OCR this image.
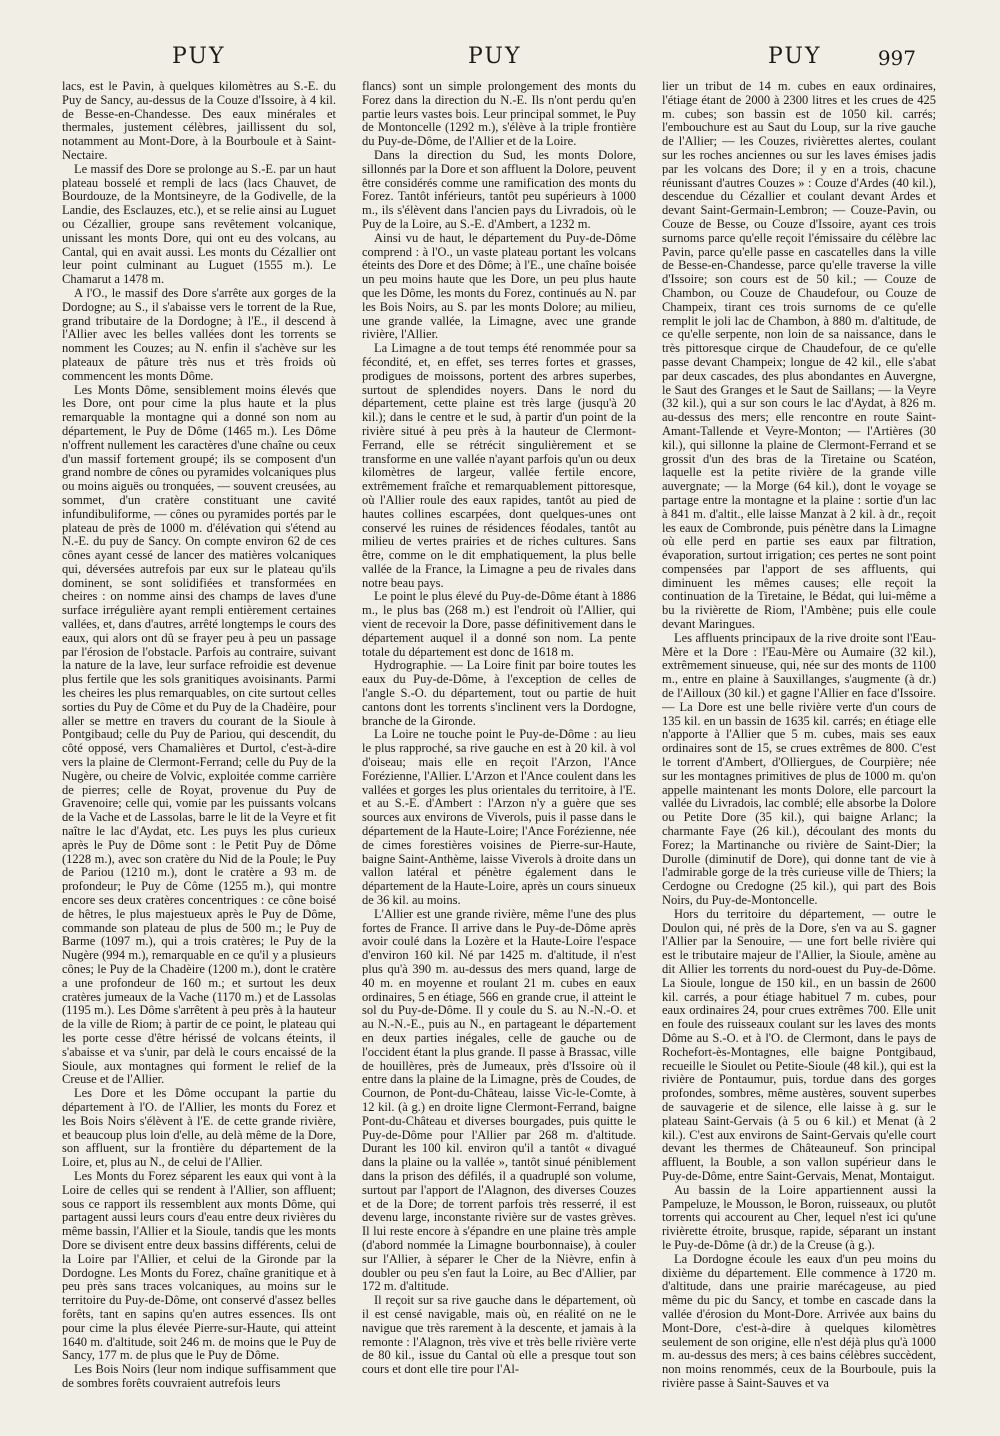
PUY	PUY	PUY	997

lacs, est le Pavin, à quelques kilomètres au S.-E. du Puy de Sancy, au-dessus de la Couze d'Issoire, à 4 kil. de Besse-en-Chandesse. Des eaux minérales et thermales, justement célèbres, jaillissent du sol, notamment au Mont-Dore, à la Bourboule et à Saint-Nectaire.

Le massif des Dore se prolonge au S.-E. par un haut plateau bosselé et rempli de lacs (lacs Chauvet, de Bourdouze, de la Montsineyre, de la Godivelle, de la Landie, des Esclauzes, etc.), et se relie ainsi au Luguet ou Cézallier, groupe sans revêtement volcanique, unissant les monts Dore, qui ont eu des volcans, au Cantal, qui en avait aussi. Les monts du Cézallier ont leur point culminant au Luguet (1555 m.). Le Chamarut a 1478 m.

A l'O., le massif des Dore s'arrête aux gorges de la Dordogne; au S., il s'abaisse vers le torrent de la Rue, grand tributaire de la Dordogne; à l'E., il descend à l'Allier avec les belles vallées dont les torrents se nomment les Couzes; au N. enfin il s'achève sur les plateaux de pâture très nus et très froids où commencent les monts Dôme.

Les Monts Dôme, sensiblement moins élevés que les Dore, ont pour cime la plus haute et la plus remarquable la montagne qui a donné son nom au département, le Puy de Dôme (1465 m.). Les Dôme n'offrent nullement les caractères d'une chaîne ou ceux d'un massif fortement groupé; ils se composent d'un grand nombre de cônes ou pyramides volcaniques plus ou moins aiguës ou tronquées, — souvent creusées, au sommet, d'un cratère constituant une cavité infundibuliforme, — cônes ou pyramides portés par le plateau de près de 1000 m. d'élévation qui s'étend au N.-E. du puy de Sancy. On compte environ 62 de ces cônes ayant cessé de lancer des matières volcaniques qui, déversées autrefois par eux sur le plateau qu'ils dominent, se sont solidifiées et transformées en cheires : on nomme ainsi des champs de laves d'une surface irrégulière ayant rempli entièrement certaines vallées, et, dans d'autres, arrêté longtemps le cours des eaux, qui alors ont dû se frayer peu à peu un passage par l'érosion de l'obstacle. Parfois au contraire, suivant la nature de la lave, leur surface refroidie est devenue plus fertile que les sols granitiques avoisinants. Parmi les cheires les plus remarquables, on cite surtout celles sorties du Puy de Côme et du Puy de la Chadèire, pour aller se mettre en travers du courant de la Sioule à Pontgibaud; celle du Puy de Pariou, qui descendit, du côté opposé, vers Chamalières et Durtol, c'est-à-dire vers la plaine de Clermont-Ferrand; celle du Puy de la Nugère, ou cheire de Volvic, exploitée comme carrière de pierres; celle de Royat, provenue du Puy de Gravenoire; celle qui, vomie par les puissants volcans de la Vache et de Lassolas, barre le lit de la Veyre et fit naître le lac d'Aydat, etc. Les puys les plus curieux après le Puy de Dôme sont : le Petit Puy de Dôme (1228 m.), avec son cratère du Nid de la Poule; le Puy de Pariou (1210 m.), dont le cratère a 93 m. de profondeur; le Puy de Côme (1255 m.), qui montre encore ses deux cratères concentriques : ce cône boisé de hêtres, le plus majestueux après le Puy de Dôme, commande son plateau de plus de 500 m.; le Puy de Barme (1097 m.), qui a trois cratères; le Puy de la Nugère (994 m.), remarquable en ce qu'il y a plusieurs cônes; le Puy de la Chadèire (1200 m.), dont le cratère a une profondeur de 160 m.; et surtout les deux cratères jumeaux de la Vache (1170 m.) et de Lassolas (1195 m.). Les Dôme s'arrêtent à peu près à la hauteur de la ville de Riom; à partir de ce point, le plateau qui les porte cesse d'être hérissé de volcans éteints, il s'abaisse et va s'unir, par delà le cours encaissé de la Sioule, aux montagnes qui forment le relief de la Creuse et de l'Allier.

Les Dore et les Dôme occupant la partie du département à l'O. de l'Allier, les monts du Forez et les Bois Noirs s'élèvent à l'E. de cette grande rivière, et beaucoup plus loin d'elle, au delà même de la Dore, son affluent, sur la frontière du département de la Loire, et, plus au N., de celui de l'Allier.

Les Monts du Forez séparent les eaux qui vont à la Loire de celles qui se rendent à l'Allier, son affluent; sous ce rapport ils ressemblent aux monts Dôme, qui partagent aussi leurs cours d'eau entre deux rivières du même bassin, l'Allier et la Sioule, tandis que les monts Dore se divisent entre deux bassins différents, celui de la Loire par l'Allier, et celui de la Gironde par la Dordogne. Les Monts du Forez, chaîne granitique et à peu près sans traces volcaniques, au moins sur le territoire du Puy-de-Dôme, ont conservé d'assez belles forêts, tant en sapins qu'en autres essences. Ils ont pour cime la plus élevée Pierre-sur-Haute, qui atteint 1640 m. d'altitude, soit 246 m. de moins que le Puy de Sancy, 177 m. de plus que le Puy de Dôme.

Les Bois Noirs (leur nom indique suffisamment que de sombres forêts couvraient autrefois leurs

flancs) sont un simple prolongement des monts du Forez dans la direction du N.-E. Ils n'ont perdu qu'en partie leurs vastes bois. Leur principal sommet, le Puy de Montoncelle (1292 m.), s'élève à la triple frontière du Puy-de-Dôme, de l'Allier et de la Loire.

Dans la direction du Sud, les monts Dolore, sillonnés par la Dore et son affluent la Dolore, peuvent être considérés comme une ramification des monts du Forez. Tantôt inférieurs, tantôt peu supérieurs à 1000 m., ils s'élèvent dans l'ancien pays du Livradois, où le Puy de la Loire, au S.-E. d'Ambert, a 1232 m.

Ainsi vu de haut, le département du Puy-de-Dôme comprend : à l'O., un vaste plateau portant les volcans éteints des Dore et des Dôme; à l'E., une chaîne boisée un peu moins haute que les Dore, un peu plus haute que les Dôme, les monts du Forez, continués au N. par les Bois Noirs, au S. par les monts Dolore; au milieu, une grande vallée, la Limagne, avec une grande rivière, l'Allier.

La Limagne a de tout temps été renommée pour sa fécondité, et, en effet, ses terres fortes et grasses, prodigues de moissons, portent des arbres superbes, surtout de splendides noyers. Dans le nord du département, cette plaine est très large (jusqu'à 20 kil.); dans le centre et le sud, à partir d'un point de la rivière situé à peu près à la hauteur de Clermont-Ferrand, elle se rétrécit singulièrement et se transforme en une vallée n'ayant parfois qu'un ou deux kilomètres de largeur, vallée fertile encore, extrêmement fraîche et remarquablement pittoresque, où l'Allier roule des eaux rapides, tantôt au pied de hautes collines escarpées, dont quelques-unes ont conservé les ruines de résidences féodales, tantôt au milieu de vertes prairies et de riches cultures. Sans être, comme on le dit emphatiquement, la plus belle vallée de la France, la Limagne a peu de rivales dans notre beau pays.

Le point le plus élevé du Puy-de-Dôme étant à 1886 m., le plus bas (268 m.) est l'endroit où l'Allier, qui vient de recevoir la Dore, passe définitivement dans le département auquel il a donné son nom. La pente totale du département est donc de 1618 m.

Hydrographie. — La Loire finit par boire toutes les eaux du Puy-de-Dôme, à l'exception de celles de l'angle S.-O. du département, tout ou partie de huit cantons dont les torrents s'inclinent vers la Dordogne, branche de la Gironde.

La Loire ne touche point le Puy-de-Dôme : au lieu le plus rapproché, sa rive gauche en est à 20 kil. à vol d'oiseau; mais elle en reçoit l'Arzon, l'Ance Forézienne, l'Allier. L'Arzon et l'Ance coulent dans les vallées et gorges les plus orientales du territoire, à l'E. et au S.-E. d'Ambert : l'Arzon n'y a guère que ses sources aux environs de Viverols, puis il passe dans le département de la Haute-Loire; l'Ance Forézienne, née de cimes forestières voisines de Pierre-sur-Haute, baigne Saint-Anthème, laisse Viverols à droite dans un vallon latéral et pénètre également dans le département de la Haute-Loire, après un cours sinueux de 36 kil. au moins.

L'Allier est une grande rivière, même l'une des plus fortes de France. Il arrive dans le Puy-de-Dôme après avoir coulé dans la Lozère et la Haute-Loire l'espace d'environ 160 kil. Né par 1425 m. d'altitude, il n'est plus qu'à 390 m. au-dessus des mers quand, large de 40 m. en moyenne et roulant 21 m. cubes en eaux ordinaires, 5 en étiage, 566 en grande crue, il atteint le sol du Puy-de-Dôme. Il y coule du S. au N.-N.-O. et au N.-N.-E., puis au N., en partageant le département en deux parties inégales, celle de gauche ou de l'occident étant la plus grande. Il passe à Brassac, ville de houillères, près de Jumeaux, près d'Issoire où il entre dans la plaine de la Limagne, près de Coudes, de Cournon, de Pont-du-Château, laisse Vic-le-Comte, à 12 kil. (à g.) en droite ligne Clermont-Ferrand, baigne Pont-du-Château et diverses bourgades, puis quitte le Puy-de-Dôme pour l'Allier par 268 m. d'altitude. Durant les 100 kil. environ qu'il a tantôt « divagué dans la plaine ou la vallée », tantôt sinué péniblement dans la prison des défilés, il a quadruplé son volume, surtout par l'apport de l'Alagnon, des diverses Couzes et de la Dore; de torrent parfois très resserré, il est devenu large, inconstante rivière sur de vastes grèves. Il lui reste encore à s'épandre en une plaine très ample (d'abord nommée la Limagne bourbonnaise), à couler sur l'Allier, à séparer le Cher de la Nièvre, enfin à doubler ou peu s'en faut la Loire, au Bec d'Allier, par 172 m. d'altitude.

Il reçoit sur sa rive gauche dans le département, où il est censé navigable, mais où, en réalité on ne le navigue que très rarement à la descente, et jamais à la remonte : l'Alagnon, très vive et très belle rivière verte de 80 kil., issue du Cantal où elle a presque tout son cours et dont elle tire pour l'Al-

lier un tribut de 14 m. cubes en eaux ordinaires, l'étiage étant de 2000 à 2300 litres et les crues de 425 m. cubes; son bassin est de 1050 kil. carrés; l'embouchure est au Saut du Loup, sur la rive gauche de l'Allier; — les Couzes, rivièrettes alertes, coulant sur les roches anciennes ou sur les laves émises jadis par les volcans des Dore; il y en a trois, chacune réunissant d'autres Couzes » : Couze d'Ardes (40 kil.), descendue du Cézallier et coulant devant Ardes et devant Saint-Germain-Lembron; — Couze-Pavin, ou Couze de Besse, ou Couze d'Issoire, ayant ces trois surnoms parce qu'elle reçoit l'émissaire du célèbre lac Pavin, parce qu'elle passe en cascatelles dans la ville de Besse-en-Chandesse, parce qu'elle traverse la ville d'Issoire; son cours est de 50 kil.; — Couze de Chambon, ou Couze de Chaudefour, ou Couze de Champeix, tirant ces trois surnoms de ce qu'elle remplit le joli lac de Chambon, à 880 m. d'altitude, de ce qu'elle serpente, non loin de sa naissance, dans le très pittoresque cirque de Chaudefour, de ce qu'elle passe devant Champeix; longue de 42 kil., elle s'abat par deux cascades, des plus abondantes en Auvergne, le Saut des Granges et le Saut de Saillans; — la Veyre (32 kil.), qui a sur son cours le lac d'Aydat, à 826 m. au-dessus des mers; elle rencontre en route Saint-Amant-Tallende et Veyre-Monton; — l'Artières (30 kil.), qui sillonne la plaine de Clermont-Ferrand et se grossit d'un des bras de la Tiretaine ou Scatéon, laquelle est la petite rivière de la grande ville auvergnate; — la Morge (64 kil.), dont le voyage se partage entre la montagne et la plaine : sortie d'un lac à 841 m. d'altit., elle laisse Manzat à 2 kil. à dr., reçoit les eaux de Combronde, puis pénètre dans la Limagne où elle perd en partie ses eaux par filtration, évaporation, surtout irrigation; ces pertes ne sont point compensées par l'apport de ses affluents, qui diminuent les mêmes causes; elle reçoit la continuation de la Tiretaine, le Bédat, qui lui-même a bu la rivièrette de Riom, l'Ambène; puis elle coule devant Maringues.

Les affluents principaux de la rive droite sont l'Eau-Mère et la Dore : l'Eau-Mère ou Aumaire (32 kil.), extrêmement sinueuse, qui, née sur des monts de 1100 m., entre en plaine à Sauxillanges, s'augmente (à dr.) de l'Ailloux (30 kil.) et gagne l'Allier en face d'Issoire. — La Dore est une belle rivière verte d'un cours de 135 kil. en un bassin de 1635 kil. carrés; en étiage elle n'apporte à l'Allier que 5 m. cubes, mais ses eaux ordinaires sont de 15, se crues extrêmes de 800. C'est le torrent d'Ambert, d'Olliergues, de Courpière; née sur les montagnes primitives de plus de 1000 m. qu'on appelle maintenant les monts Dolore, elle parcourt la vallée du Livradois, lac comblé; elle absorbe la Dolore ou Petite Dore (35 kil.), qui baigne Arlanc; la charmante Faye (26 kil.), découlant des monts du Forez; la Martinanche ou rivière de Saint-Dier; la Durolle (diminutif de Dore), qui donne tant de vie à l'admirable gorge de la très curieuse ville de Thiers; la Cerdogne ou Credogne (25 kil.), qui part des Bois Noirs, du Puy-de-Montoncelle.

Hors du territoire du département, — outre le Doulon qui, né près de la Dore, s'en va au S. gagner l'Allier par la Senouire, — une fort belle rivière qui est le tributaire majeur de l'Allier, la Sioule, amène au dit Allier les torrents du nord-ouest du Puy-de-Dôme. La Sioule, longue de 150 kil., en un bassin de 2600 kil. carrés, a pour étiage habituel 7 m. cubes, pour eaux ordinaires 24, pour crues extrêmes 700. Elle unit en foule des ruisseaux coulant sur les laves des monts Dôme au S.-O. et à l'O. de Clermont, dans le pays de Rochefort-ès-Montagnes, elle baigne Pontgibaud, recueille le Sioulet ou Petite-Sioule (48 kil.), qui est la rivière de Pontaumur, puis, tordue dans des gorges profondes, sombres, même austères, souvent superbes de sauvagerie et de silence, elle laisse à g. sur le plateau Saint-Gervais (à 5 ou 6 kil.) et Menat (à 2 kil.). C'est aux environs de Saint-Gervais qu'elle court devant les thermes de Châteauneuf. Son principal affluent, la Bouble, a son vallon supérieur dans le Puy-de-Dôme, entre Saint-Gervais, Menat, Montaigut.

Au bassin de la Loire appartiennent aussi la Pampeluze, le Mousson, le Boron, ruisseaux, ou plutôt torrents qui accourent au Cher, lequel n'est ici qu'une rivièrette étroite, brusque, rapide, séparant un instant le Puy-de-Dôme (à dr.) de la Creuse (à g.).

La Dordogne écoule les eaux d'un peu moins du dixième du département. Elle commence à 1720 m. d'altitude, dans une prairie marécageuse, au pied même du pic du Sancy, et tombe en cascade dans la vallée d'érosion du Mont-Dore. Arrivée aux bains du Mont-Dore, c'est-à-dire à quelques kilomètres seulement de son origine, elle n'est déjà plus qu'à 1000 m. au-dessus des mers; à ces bains célèbres succèdent, non moins renommés, ceux de la Bourboule, puis la rivière passe à Saint-Sauves et va
